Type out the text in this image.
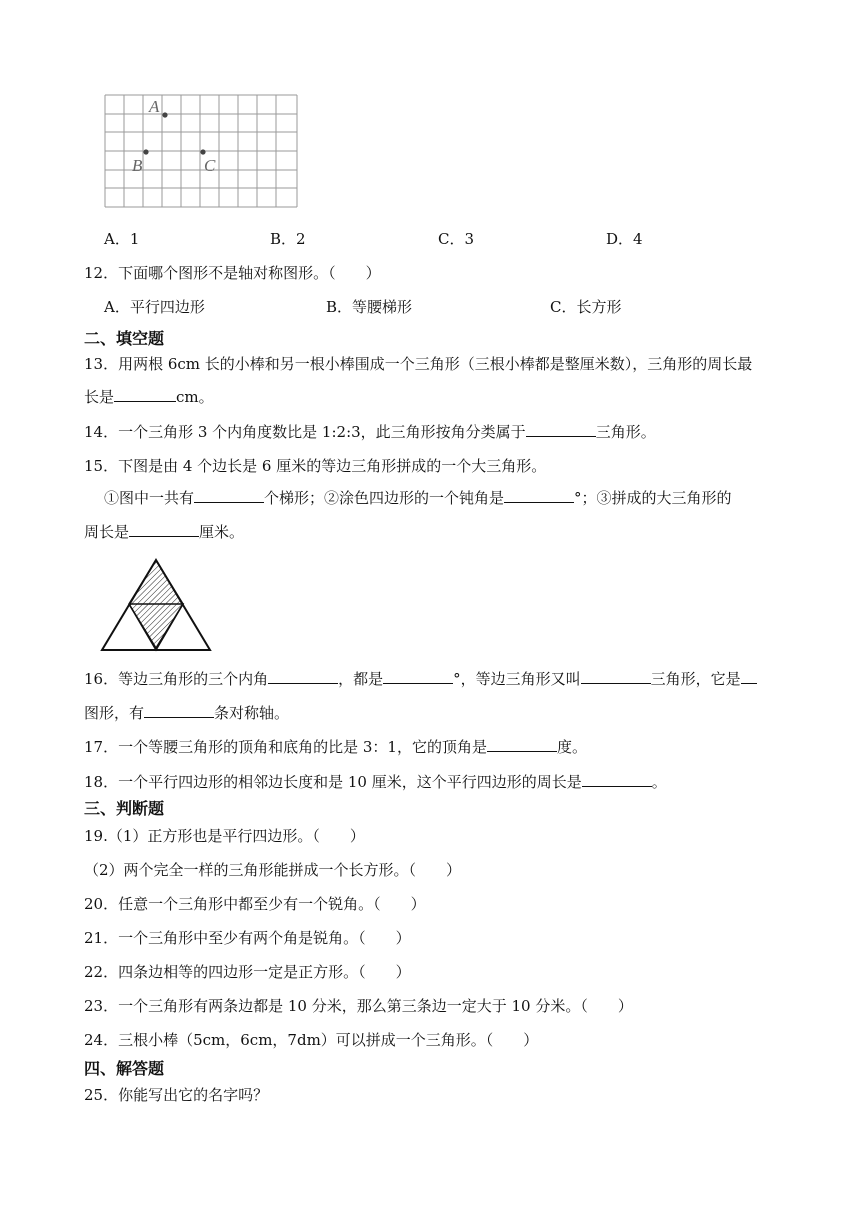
A
B	C
A．1	B．2	C．3	D．4
12．下面哪个图形不是轴对称图形。（　　）
A．平行四边形	B．等腰梯形	C．长方形
二、填空题
13．用两根 6cm 长的小棒和另一根小棒围成一个三角形（三根小棒都是整厘米数），三角形的周长最
长是	cm。
14．一个三角形 3 个内角度数比是 1:2:3，此三角形按角分类属于	三角形。
15．下图是由 4 个边长是 6 厘米的等边三角形拼成的一个大三角形。
①图中一共有	个梯形；②涂色四边形的一个钝角是	°；③拼成的大三角形的
周长是	厘米。
16．等边三角形的三个内角	，都是	°，等边三角形又叫	三角形，它是
图形，有	条对称轴。
17．一个等腰三角形的顶角和底角的比是 3：1，它的顶角是	度。
18．一个平行四边形的相邻边长度和是 10 厘米，这个平行四边形的周长是	。
三、判断题
19.（1）正方形也是平行四边形。（　　）
（2）两个完全一样的三角形能拼成一个长方形。（　　）
20．任意一个三角形中都至少有一个锐角。（　　）
21．一个三角形中至少有两个角是锐角。（　　）
22．四条边相等的四边形一定是正方形。（　　）
23．一个三角形有两条边都是 10 分米，那么第三条边一定大于 10 分米。（　　）
24．三根小棒（5cm，6cm，7dm）可以拼成一个三角形。（　　）
四、解答题
25．你能写出它的名字吗？
